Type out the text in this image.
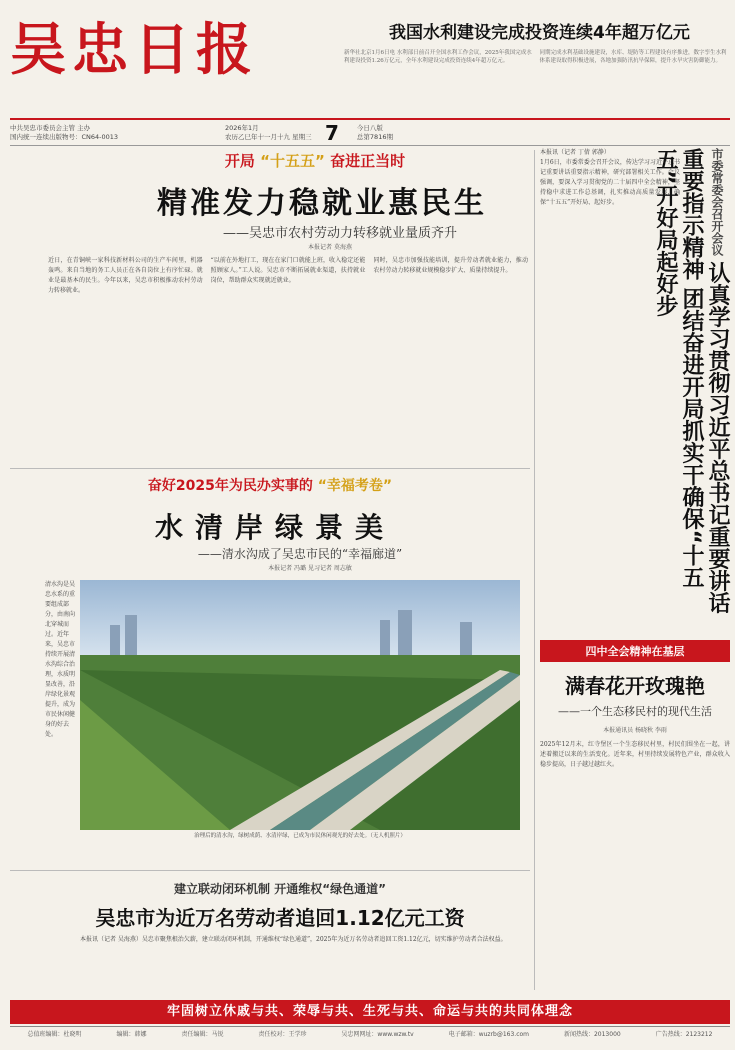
吴忠日报	我国水利建设完成投资连续4年超万亿元
新华社北京1月6日电 水利部日前召开全国水利工作会议，2025年我国完成水利建设投资1.26万亿元，全年水利建设完成投资连续4年超万亿元。
同期完成水利基础设施建设，水库、堤防等工程建设有序推进，数字孪生水利体系建设取得积极进展，各地加强防汛抗旱保障，提升水旱灾害防御能力。
中共吴忠市委员会主管 主办
国内统一连续出版物号：CN64-0013
2026年1月
农历乙巳年十一月十九 星期三 7	今日八版
总第7816期
开局 “十五五” 奋进正当时
精准发力稳就业惠民生
——吴忠市农村劳动力转移就业量质齐升
本报记者 莫海燕

近日，在青铜峡一家科技新材料公司的生产车间里，机器轰鸣。来自当地的务工人员正在各自岗位上有序忙碌。就业是最基本的民生。今年以来，吴忠市积极推动农村劳动力转移就业。

“以前在外地打工，现在在家门口就能上班，收入稳定还能照顾家人。”工人说。吴忠市不断拓展就业渠道，扶持就业岗位，帮助群众实现就近就业。

同时，吴忠市加强技能培训，提升劳动者就业能力，推动农村劳动力转移就业规模稳步扩大、质量持续提升。

本报讯（记者 丁倩 郭静）

1月6日，市委常委会召开会议，传达学习习近平总书记重要讲话重要指示精神，研究部署相关工作。会议强调，要深入学习贯彻党的二十届四中全会精神，坚持稳中求进工作总基调，扎实推动高质量发展，确保“十五五”开好局、起好步。	市委常委会召开会议 认真学习贯彻习近平总书记重要讲话重要指示精神 团结奋进开局抓实干确保“十五五”开好局起好步
奋好2025年为民办实事的 “幸福考卷”
水清岸绿景美
——清水沟成了吴忠市民的“幸福廊道”
本报记者 冯璐 见习记者 周志敏
清水沟是吴忠水系的重要组成部分，由南向北穿城而过。近年来，吴忠市持续开展清水沟综合治理，水质明显改善，沿岸绿化景观提升，成为市民休闲健身的好去处。
治理后的清水沟，绿树成荫、水清岸绿，已成为市民休闲观光的好去处。（无人机照片）
四中全会精神在基层
满春花开玫瑰艳
——一个生态移民村的现代生活
本报通讯员 杨晓秋 李雨

2025年12月末，红寺堡区一个生态移民村里，村民们围坐在一起，讲述着搬迁以来的生活变化。近年来，村里持续发展特色产业，群众收入稳步提高，日子越过越红火。

建立联动闭环机制 开通维权“绿色通道”
吴忠市为近万名劳动者追回1.12亿元工资
本报讯（记者 吴海燕）吴忠市聚焦根治欠薪，建立联动闭环机制，开通维权“绿色通道”，2025年为近万名劳动者追回工资1.12亿元，切实维护劳动者合法权益。
牢固树立休戚与共、荣辱与共、生死与共、命运与共的共同体理念
总值班编辑：杜晓明	编辑：韩娜	责任编辑：马锐	责任校对：王学珍	吴忠网网址：www.wzw.tv	电子邮箱：wuzrb@163.com	新闻热线：2013000	广告热线：2123212
